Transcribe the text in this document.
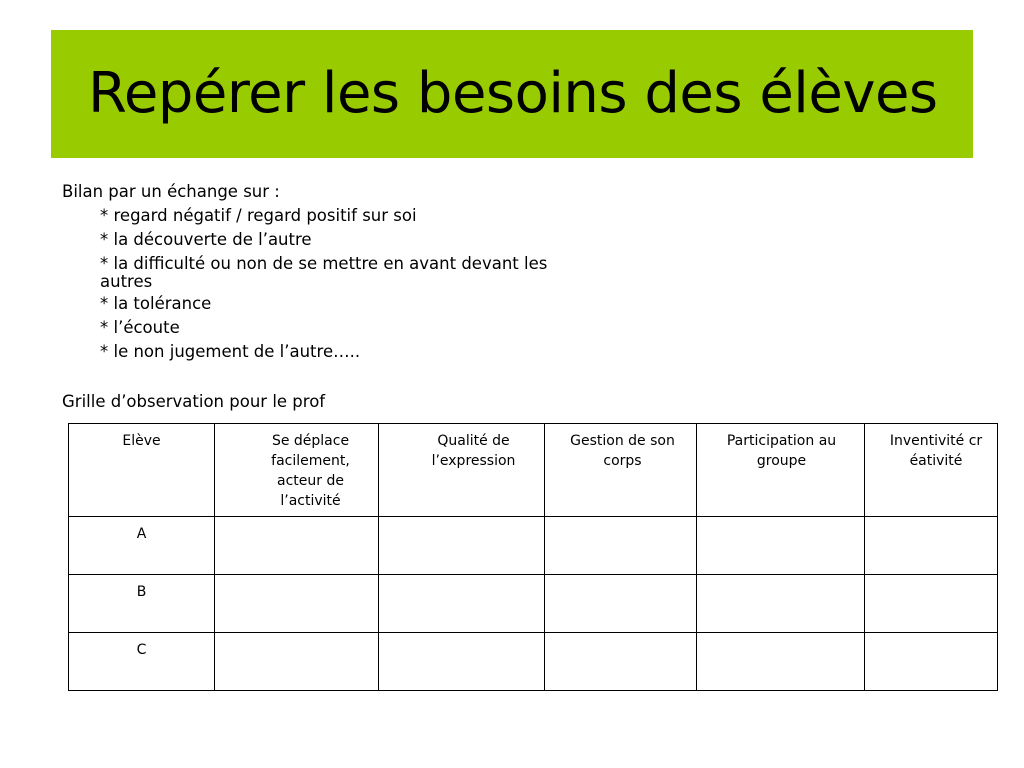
Repérer les besoins des élèves
Bilan par un échange sur :
* regard négatif / regard positif sur soi
* la découverte de l’autre
* la difficulté ou non de se mettre en avant devant les autres
* la tolérance
* l’écoute
* le non jugement de l’autre…..
Grille d’observation pour le prof
Elève	Se déplace facilement, acteur de l’activité	Qualité de l’expression	Gestion de son corps	Participation au groupe	Inventivité créativité
A					
B					
C					
